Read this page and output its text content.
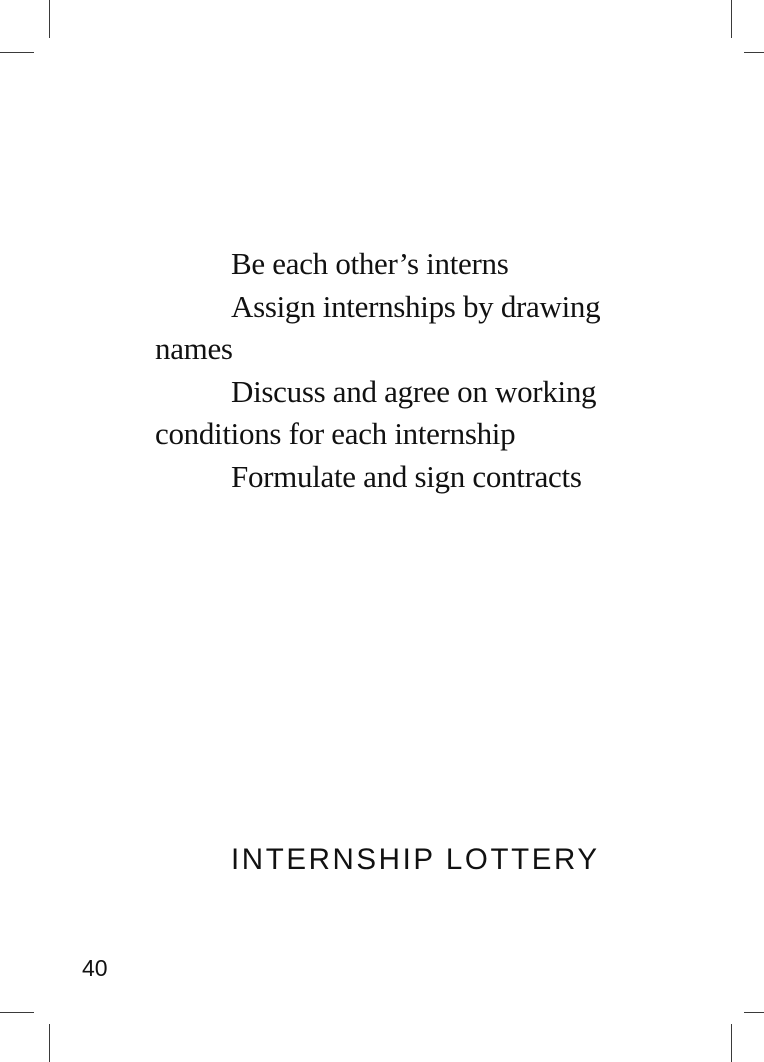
Be each other’s interns

Assign internships by drawing names

Discuss and agree on working conditions for each internship

Formulate and sign contracts

INTERNSHIP LOTTERY
40
